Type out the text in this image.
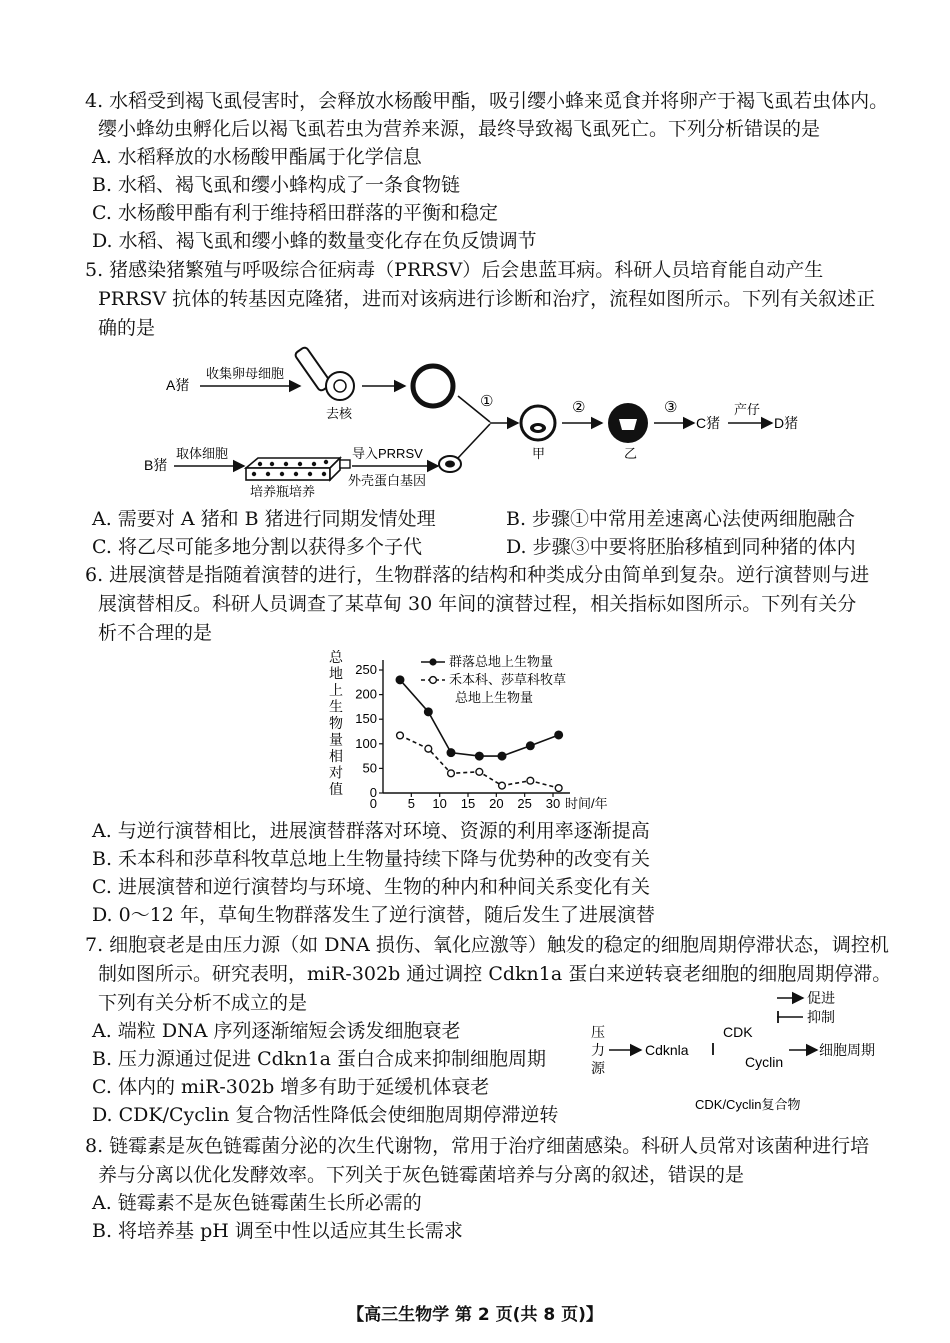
4. 水稻受到褐飞虱侵害时，会释放水杨酸甲酯，吸引缨小蜂来觅食并将卵产于褐飞虱若虫体内。
缨小蜂幼虫孵化后以褐飞虱若虫为营养来源，最终导致褐飞虱死亡。下列分析错误的是
A. 水稻释放的水杨酸甲酯属于化学信息
B. 水稻、褐飞虱和缨小蜂构成了一条食物链
C. 水杨酸甲酯有利于维持稻田群落的平衡和稳定
D. 水稻、褐飞虱和缨小蜂的数量变化存在负反馈调节
5. 猪感染猪繁殖与呼吸综合征病毒（PRRSV）后会患蓝耳病。科研人员培育能自动产生
PRRSV 抗体的转基因克隆猪，进而对该病进行诊断和治疗，流程如图所示。下列有关叙述正
确的是
A猪
收集卵母细胞
去核
①
甲
②
乙
③
C猪
产仔
D猪
B猪
取体细胞
培养瓶培养
导入PRRSV
外壳蛋白基因
A. 需要对 A 猪和 B 猪进行同期发情处理	B. 步骤①中常用差速离心法使两细胞融合
C. 将乙尽可能多地分割以获得多个子代	D. 步骤③中要将胚胎移植到同种猪的体内
6. 进展演替是指随着演替的进行，生物群落的结构和种类成分由简单到复杂。逆行演替则与进
展演替相反。科研人员调查了某草甸 30 年间的演替过程，相关指标如图所示。下列有关分
析不合理的是
总
地
上
生
物
量
相
对
值 0
50
100
150
200
250
0 5 10 15 20 25 30 时间/年
群落总地上生物量
禾本科、莎草科牧草
总地上生物量
A. 与逆行演替相比，进展演替群落对环境、资源的利用率逐渐提高
B. 禾本科和莎草科牧草总地上生物量持续下降与优势种的改变有关
C. 进展演替和逆行演替均与环境、生物的种内和种间关系变化有关
D. 0～12 年，草甸生物群落发生了逆行演替，随后发生了进展演替
7. 细胞衰老是由压力源（如 DNA 损伤、氧化应激等）触发的稳定的细胞周期停滞状态，调控机
制如图所示。研究表明，miR-302b 通过调控 Cdkn1a 蛋白来逆转衰老细胞的细胞周期停滞。
下列有关分析不成立的是
A. 端粒 DNA 序列逐渐缩短会诱发细胞衰老
B. 压力源通过促进 Cdkn1a 蛋白合成来抑制细胞周期
C. 体内的 miR-302b 增多有助于延缓机体衰老
D. CDK/Cyclin 复合物活性降低会使细胞周期停滞逆转
促进
抑制
压
力
源
Cdknla
CDK
Cyclin
细胞周期
CDK/Cyclin复合物
8. 链霉素是灰色链霉菌分泌的次生代谢物，常用于治疗细菌感染。科研人员常对该菌种进行培
养与分离以优化发酵效率。下列关于灰色链霉菌培养与分离的叙述，错误的是
A. 链霉素不是灰色链霉菌生长所必需的
B. 将培养基 pH 调至中性以适应其生长需求
【高三生物学 第 2 页(共 8 页)】
